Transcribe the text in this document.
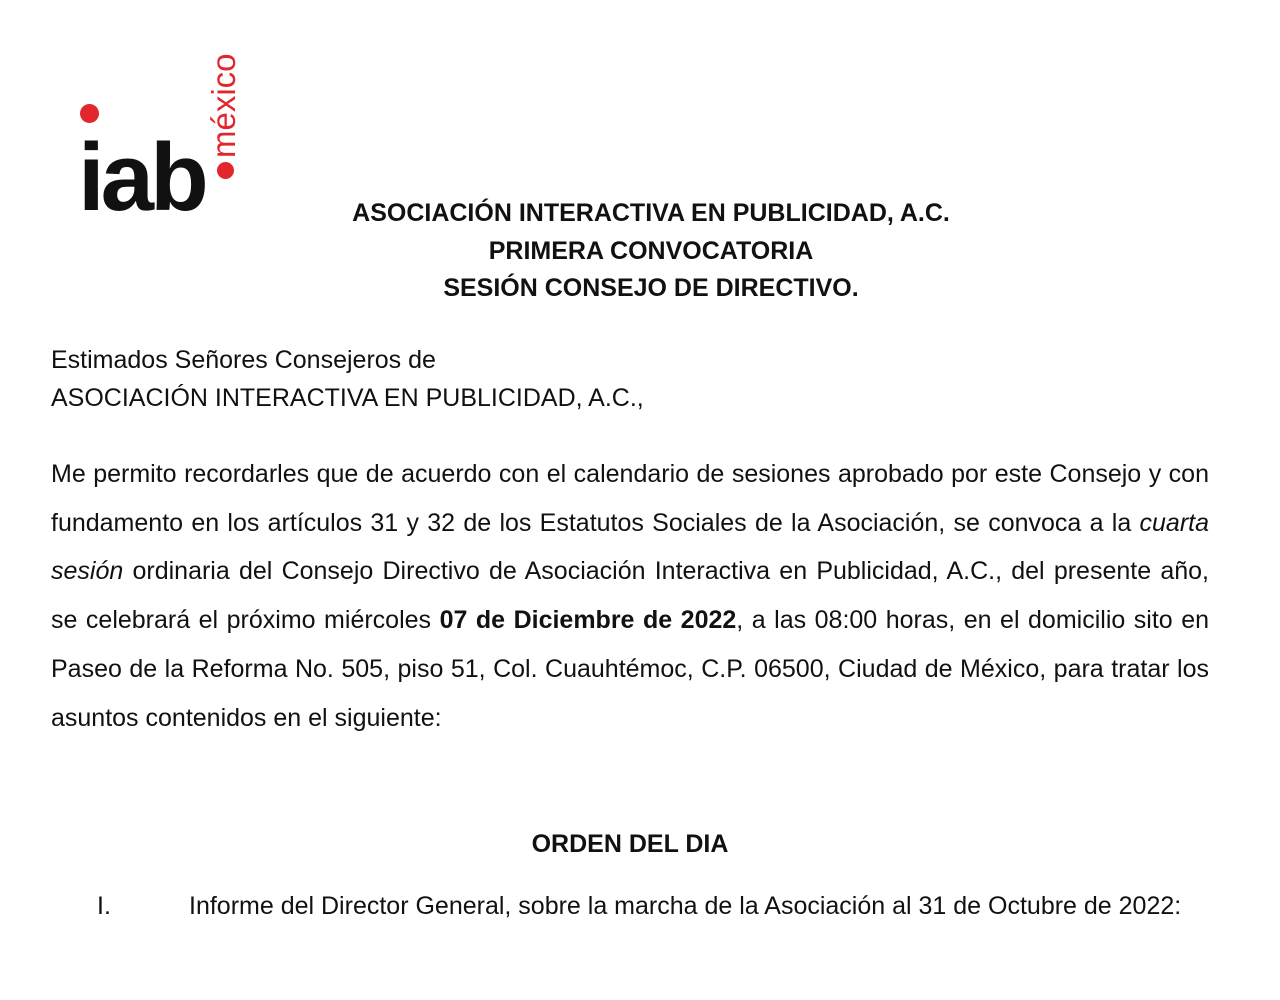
iab
méxico
ASOCIACIÓN INTERACTIVA EN PUBLICIDAD, A.C.
PRIMERA CONVOCATORIA
SESIÓN CONSEJO DE DIRECTIVO.
Estimados Señores Consejeros de
ASOCIACIÓN INTERACTIVA EN PUBLICIDAD, A.C.,

Me permito recordarles que de acuerdo con el calendario de sesiones aprobado por este Consejo y con fundamento en los artículos 31 y 32 de los Estatutos Sociales de la Asociación, se convoca a la cuarta sesión ordinaria del Consejo Directivo de Asociación Interactiva en Publicidad, A.C., del presente año, se celebrará el próximo miércoles 07 de Diciembre de 2022, a las 08:00 horas, en el domicilio sito en Paseo de la Reforma No. 505, piso 51, Col. Cuauhtémoc, C.P. 06500, Ciudad de México, para tratar los asuntos contenidos en el siguiente:

ORDEN DEL DIA
I.	Informe del Director General, sobre la marcha de la Asociación al 31 de Octubre de 2022:
